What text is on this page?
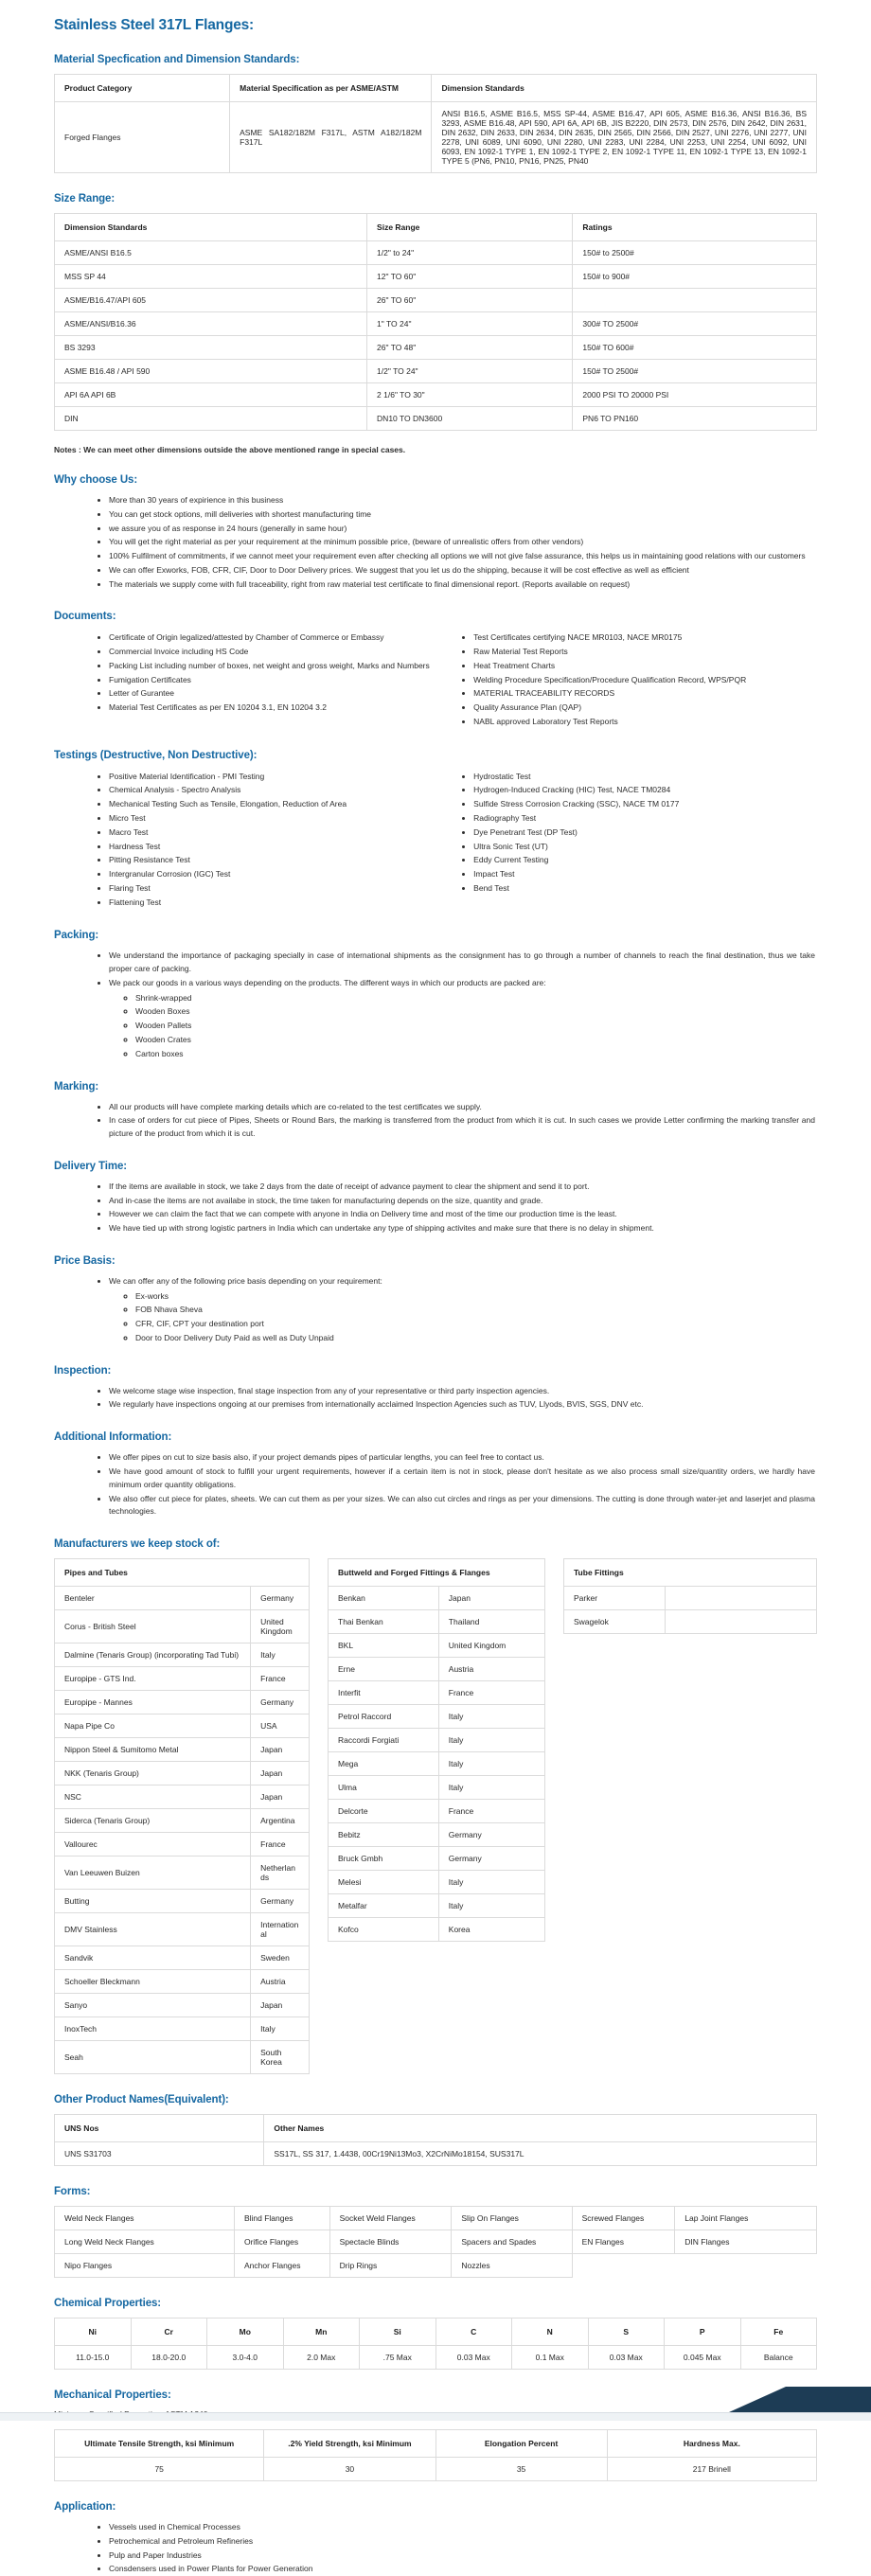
Stainless Steel 317L Flanges:
Material Specfication and Dimension Standards:
Product Category	Material Specification as per ASME/ASTM	Dimension Standards
Forged Flanges	ASME SA182/182M F317L, ASTM A182/182M F317L	ANSI B16.5, ASME B16.5, MSS SP-44, ASME B16.47, API 605, ASME B16.36, ANSI B16.36, BS 3293, ASME B16.48, API 590, API 6A, API 6B, JIS B2220, DIN 2573, DIN 2576, DIN 2642, DIN 2631, DIN 2632, DIN 2633, DIN 2634, DIN 2635, DIN 2565, DIN 2566, DIN 2527, UNI 2276, UNI 2277, UNI 2278, UNI 6089, UNI 6090, UNI 2280, UNI 2283, UNI 2284, UNI 2253, UNI 2254, UNI 6092, UNI 6093, EN 1092-1 TYPE 1, EN 1092-1 TYPE 2, EN 1092-1 TYPE 11, EN 1092-1 TYPE 13, EN 1092-1 TYPE 5 (PN6, PN10, PN16, PN25, PN40
Size Range:
Dimension Standards	Size Range	Ratings
ASME/ANSI B16.5	1/2" to 24"	150# to 2500#
MSS SP 44	12" TO 60"	150# to 900#
ASME/B16.47/API 605	26" TO 60"	
ASME/ANSI/B16.36	1" TO 24"	300# TO 2500#
BS 3293	26" TO 48"	150# TO 600#
ASME B16.48 / API 590	1/2" TO 24"	150# TO 2500#
API 6A API 6B	2 1/6" TO 30"	2000 PSI TO 20000 PSI
DIN	DN10 TO DN3600	PN6 TO PN160

Notes : We can meet other dimensions outside the above mentioned range in special cases.

Why choose Us:
• More than 30 years of expirience in this business
• You can get stock options, mill deliveries with shortest manufacturing time
• we assure you of as response in 24 hours (generally in same hour)
• You will get the right material as per your requirement at the minimum possible price, (beware of unrealistic offers from other vendors)
• 100% Fulfilment of commitments, if we cannot meet your requirement even after checking all options we will not give false assurance, this helps us in maintaining good relations with our customers
• We can offer Exworks, FOB, CFR, CIF, Door to Door Delivery prices. We suggest that you let us do the shipping, because it will be cost effective as well as efficient
• The materials we supply come with full traceability, right from raw material test certificate to final dimensional report. (Reports available on request)
Documents:
• Certificate of Origin legalized/attested by Chamber of Commerce or Embassy
• Commercial Invoice including HS Code
• Packing List including number of boxes, net weight and gross weight, Marks and Numbers
• Fumigation Certificates
• Letter of Gurantee
• Material Test Certificates as per EN 10204 3.1, EN 10204 3.2
• Test Certificates certifying NACE MR0103, NACE MR0175
• Raw Material Test Reports
• Heat Treatment Charts
• Welding Procedure Specification/Procedure Qualification Record, WPS/PQR
• MATERIAL TRACEABILITY RECORDS
• Quality Assurance Plan (QAP)
• NABL approved Laboratory Test Reports
Testings (Destructive, Non Destructive):
• Positive Material Identification - PMI Testing
• Chemical Analysis - Spectro Analysis
• Mechanical Testing Such as Tensile, Elongation, Reduction of Area
• Micro Test
• Macro Test
• Hardness Test
• Pitting Resistance Test
• Intergranular Corrosion (IGC) Test
• Flaring Test
• Flattening Test
• Hydrostatic Test
• Hydrogen-Induced Cracking (HIC) Test, NACE TM0284
• Sulfide Stress Corrosion Cracking (SSC), NACE TM 0177
• Radiography Test
• Dye Penetrant Test (DP Test)
• Ultra Sonic Test (UT)
• Eddy Current Testing
• Impact Test
• Bend Test
Packing:
• We understand the importance of packaging specially in case of international shipments as the consignment has to go through a number of channels to reach the final destination, thus we take proper care of packing.
• We pack our goods in a various ways depending on the products. The different ways in which our products are packed are:
◦ Shrink-wrapped
◦ Wooden Boxes
◦ Wooden Pallets
◦ Wooden Crates
◦ Carton boxes
Marking:
• All our products will have complete marking details which are co-related to the test certificates we supply.
• In case of orders for cut piece of Pipes, Sheets or Round Bars, the marking is transferred from the product from which it is cut. In such cases we provide Letter confirming the marking transfer and picture of the product from which it is cut.
Delivery Time:
• If the items are available in stock, we take 2 days from the date of receipt of advance payment to clear the shipment and send it to port.
• And in-case the items are not availabe in stock, the time taken for manufacturing depends on the size, quantity and grade.
• However we can claim the fact that we can compete with anyone in India on Delivery time and most of the time our production time is the least.
• We have tied up with strong logistic partners in India which can undertake any type of shipping activites and make sure that there is no delay in shipment.
Price Basis:
• We can offer any of the following price basis depending on your requirement:
◦ Ex-works
◦ FOB Nhava Sheva
◦ CFR, CIF, CPT your destination port
◦ Door to Door Delivery Duty Paid as well as Duty Unpaid
Inspection:
• We welcome stage wise inspection, final stage inspection from any of your representative or third party inspection agencies.
• We regularly have inspections ongoing at our premises from internationally acclaimed Inspection Agencies such as TUV, Llyods, BVIS, SGS, DNV etc.
Additional Information:
• We offer pipes on cut to size basis also, if your project demands pipes of particular lengths, you can feel free to contact us.
• We have good amount of stock to fulfill your urgent requirements, however if a certain item is not in stock, please don't hesitate as we also process small size/quantity orders, we hardly have minimum order quantity obligations.
• We also offer cut piece for plates, sheets. We can cut them as per your sizes. We can also cut circles and rings as per your dimensions. The cutting is done through water-jet and laserjet and plasma technologies.
Manufacturers we keep stock of:
Pipes and Tubes	
Benteler	Germany
Corus - British Steel	United Kingdom
Dalmine (Tenaris Group) (incorporating Tad Tubi)	Italy
Europipe - GTS Ind.	France
Europipe - Mannes	Germany
Napa Pipe Co	USA
Nippon Steel & Sumitomo Metal	Japan
NKK (Tenaris Group)	Japan
NSC	Japan
Siderca (Tenaris Group)	Argentina
Vallourec	France
Van Leeuwen Buizen	Netherlands
Butting	Germany
DMV Stainless	International
Sandvik	Sweden
Schoeller Bleckmann	Austria
Sanyo	Japan
InoxTech	Italy
Seah	South Korea
Buttweld and Forged Fittings & Flanges	
Benkan	Japan
Thai Benkan	Thailand
BKL	United Kingdom
Erne	Austria
Interfit	France
Petrol Raccord	Italy
Raccordi Forgiati	Italy
Mega	Italy
Ulma	Italy
Delcorte	France
Bebitz	Germany
Bruck Gmbh	Germany
Melesi	Italy
Metalfar	Italy
Kofco	Korea
Tube Fittings	
Parker	
Swagelok	
Other Product Names(Equivalent):
UNS Nos	Other Names
UNS S31703	SS17L, SS 317, 1.4438, 00Cr19Ni13Mo3, X2CrNiMo18154, SUS317L
Forms:
Weld Neck Flanges	Blind Flanges	Socket Weld Flanges	Slip On Flanges	Screwed Flanges	Lap Joint Flanges
Long Weld Neck Flanges	Orifice Flanges	Spectacle Blinds	Spacers and Spades	EN Flanges	DIN Flanges
Nipo Flanges	Anchor Flanges	Drip Rings	Nozzles		
Chemical Properties:
Ni	Cr	Mo	Mn	Si	C	N	S	P	Fe
11.0-15.0	18.0-20.0	3.0-4.0	2.0 Max	.75 Max	0.03 Max	0.1 Max	0.03 Max	0.045 Max	Balance
Mechanical Properties:

Ultimate Tensile Strength, ksi Minimum	.2% Yield Strength, ksi Minimum	Elongation Percent	Hardness Max.
75	30	35	217 Brinell
Application:
• Vessels used in Chemical Processes
• Petrochemical and Petroleum Refineries
• Pulp and Paper Industries
• Consdensers used in Power Plants for Power Generation
